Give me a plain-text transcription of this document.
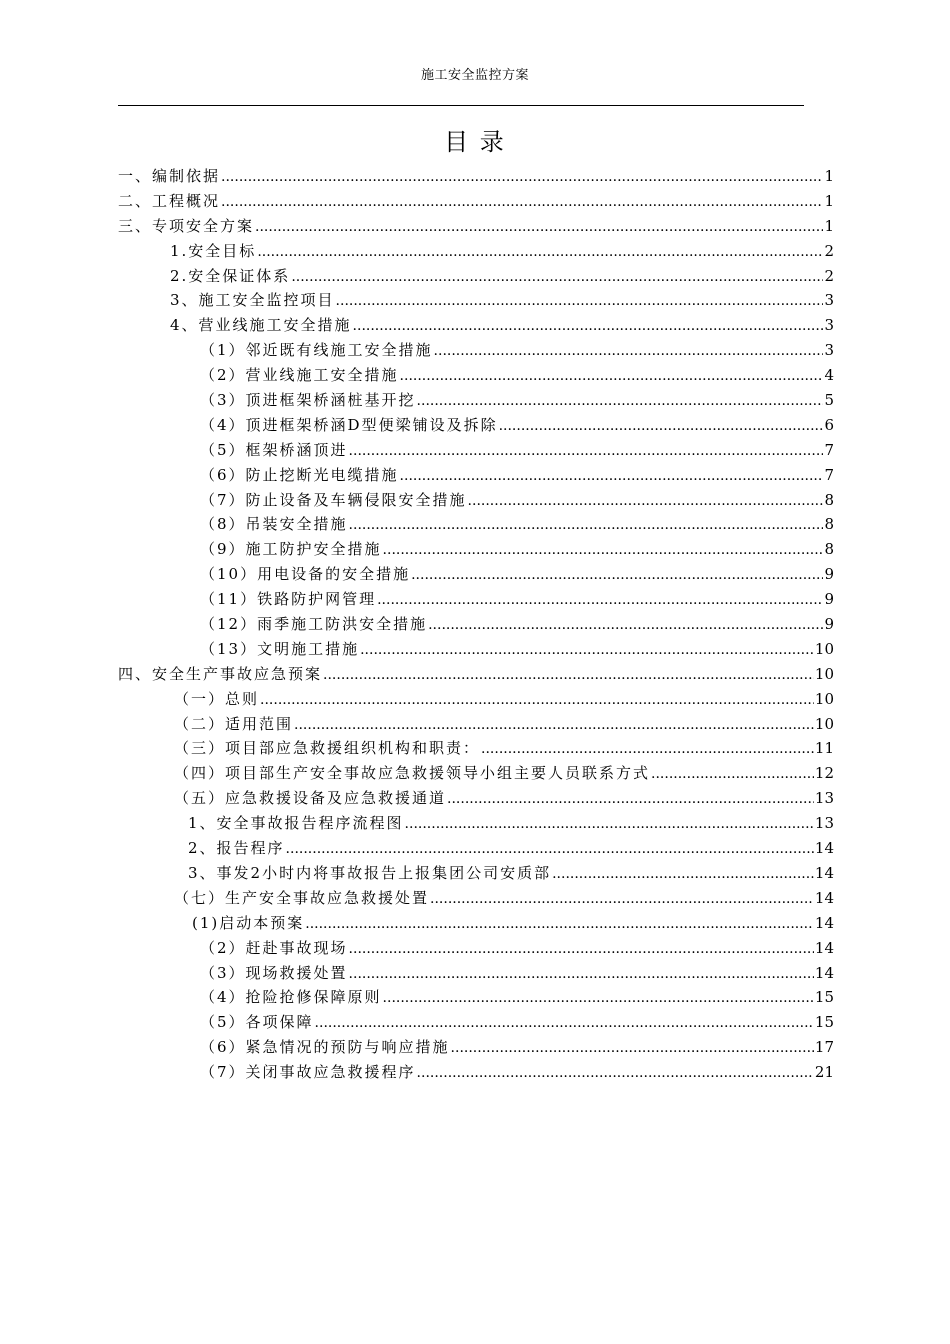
施工安全监控方案
目 录
一、编制依据 .....	1
二、工程概况 .....	1
三、专项安全方案 .....	1
1.安全目标 .....	2
2.安全保证体系 .....	2
3、施工安全监控项目 .....	3
4、营业线施工安全措施 .....	3
（1）邻近既有线施工安全措施 .....	3
（2）营业线施工安全措施 .....	4
（3）顶进框架桥涵桩基开挖 .....	5
（4）顶进框架桥涵D型便梁铺设及拆除 .....	6
（5）框架桥涵顶进 .....	7
（6）防止挖断光电缆措施 .....	7
（7）防止设备及车辆侵限安全措施 .....	8
（8）吊装安全措施 .....	8
（9）施工防护安全措施 .....	8
（10）用电设备的安全措施 .....	9
（11）铁路防护网管理 .....	9
（12）雨季施工防洪安全措施 .....	9
（13）文明施工措施 .....	10
四、安全生产事故应急预案 .....	10
（一）总则 .....	10
（二）适用范围 .....	10
（三）项目部应急救援组织机构和职责： .....	11
（四）项目部生产安全事故应急救援领导小组主要人员联系方式 .....	12
（五）应急救援设备及应急救援通道 .....	13
1、安全事故报告程序流程图 .....	13
2、报告程序 .....	14
3、事发2小时内将事故报告上报集团公司安质部 .....	14
（七）生产安全事故应急救援处置 .....	14
(1)启动本预案 .....	14
（2）赶赴事故现场 .....	14
（3）现场救援处置 .....	14
（4）抢险抢修保障原则 .....	15
（5）各项保障 .....	15
（6）紧急情况的预防与响应措施 .....	17
（7）关闭事故应急救援程序 .....	21
